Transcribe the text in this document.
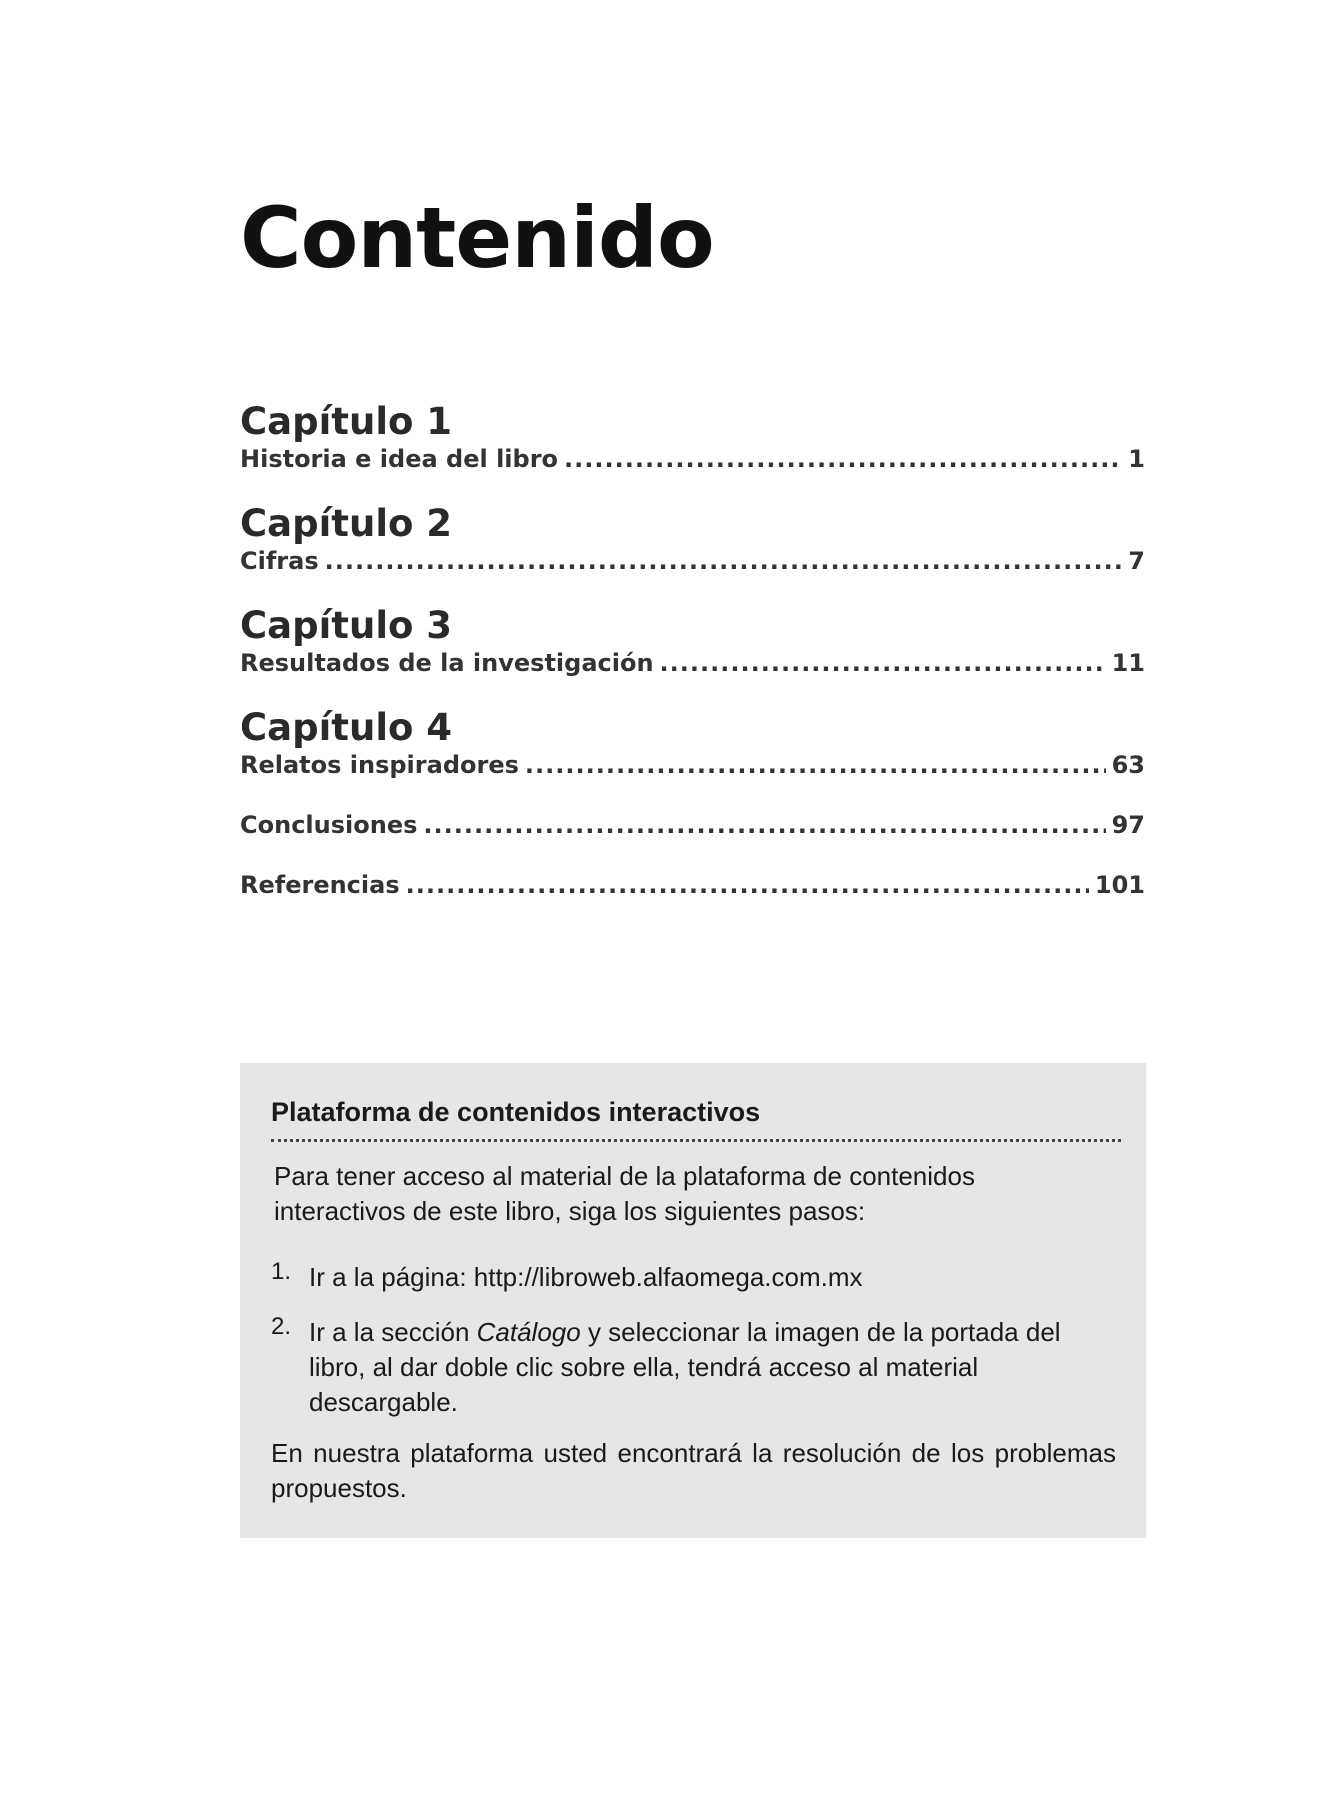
Contenido
Capítulo 1
Historia e idea del libro .....	1
Capítulo 2
Cifras .....	7
Capítulo 3
Resultados de la investigación .....	11
Capítulo 4
Relatos inspiradores .....	63
Conclusiones .....	97
Referencias .....	101
Plataforma de contenidos interactivos

Para tener acceso al material de la plataforma de contenidos interactivos de este libro, siga los siguientes pasos:

1. Ir a la página: http://libroweb.alfaomega.com.mx
2. Ir a la sección Catálogo y seleccionar la imagen de la portada del libro, al dar doble clic sobre ella, tendrá acceso al material descargable.

En nuestra plataforma usted encontrará la resolución de los problemas propuestos.
